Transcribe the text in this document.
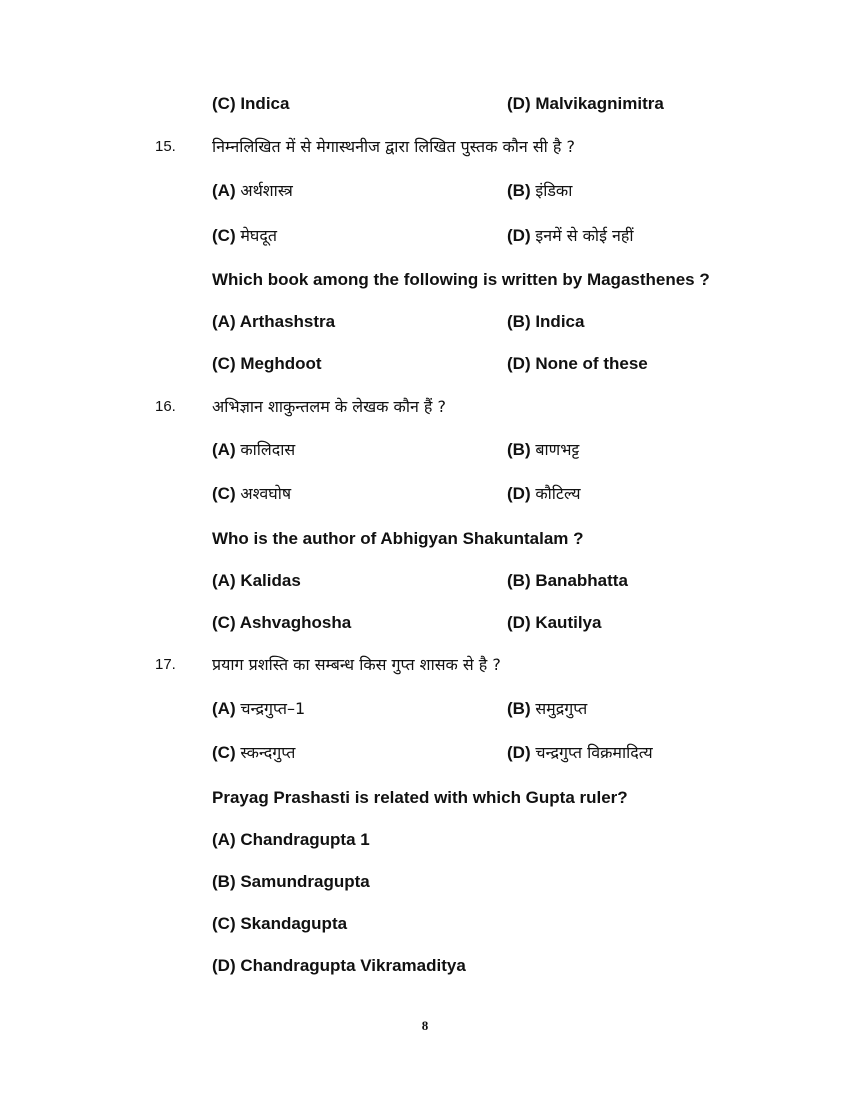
(C) Indica	(D) Malvikagnimitra
15. निम्नलिखित में से मेगास्थनीज द्वारा लिखित पुस्तक कौन सी है ?
(A) अर्थशास्त्र	(B) इंडिका
(C) मेघदूत	(D) इनमें से कोई नहीं
Which book among the following is written by Magasthenes ?
(A) Arthashstra	(B) Indica
(C) Meghdoot	(D) None of these
16. अभिज्ञान शाकुन्तलम के लेखक कौन हैं ?
(A) कालिदास	(B) बाणभट्ट
(C) अश्वघोष	(D) कौटिल्य
Who is the author of Abhigyan Shakuntalam ?
(A) Kalidas	(B) Banabhatta
(C) Ashvaghosha	(D) Kautilya
17. प्रयाग प्रशस्ति का सम्बन्ध किस गुप्त शासक से है ?
(A) चन्द्रगुप्त–1	(B) समुद्रगुप्त
(C) स्कन्दगुप्त	(D) चन्द्रगुप्त विक्रमादित्य
Prayag Prashasti is related with which Gupta ruler?
(A) Chandragupta 1
(B) Samundragupta
(C) Skandagupta
(D) Chandragupta Vikramaditya
8
